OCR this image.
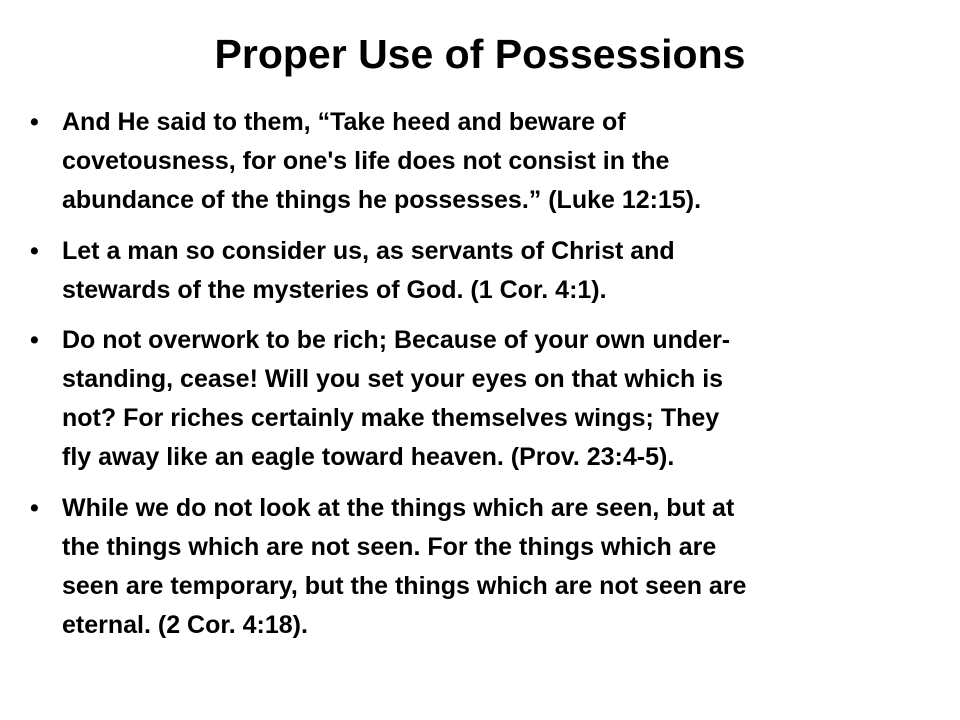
Proper Use of Possessions
• And He said to them, “Take heed and beware of
covetousness, for one's life does not consist in the
abundance of the things he possesses.” (Luke 12:15).
• Let a man so consider us, as servants of Christ and
stewards of the mysteries of God. (1 Cor. 4:1).
• Do not overwork to be rich; Because of your own under-
standing, cease! Will you set your eyes on that which is
not? For riches certainly make themselves wings; They
fly away like an eagle toward heaven. (Prov. 23:4-5).
• While we do not look at the things which are seen, but at
the things which are not seen. For the things which are
seen are temporary, but the things which are not seen are
eternal. (2 Cor. 4:18).
